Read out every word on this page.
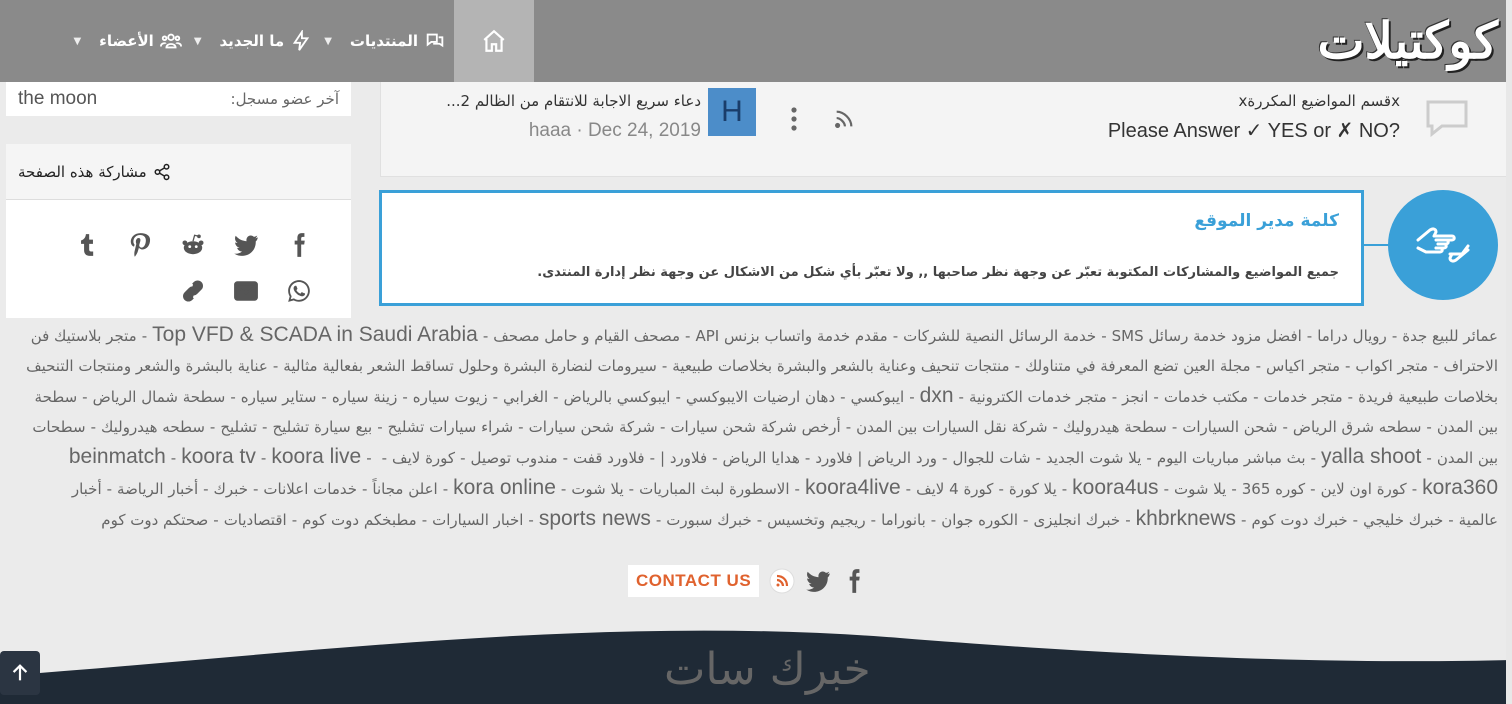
كوكتيلات
المنتديات
▼
ما الجديد
▼
الأعضاء
▼
the moon	آخر عضو مسجل:
مشاركة هذه الصفحة
xقسم المواضيع المكررةx
Please Answer ✓ YES or ✗ NO?
H
دعاء سريع الاجابة للانتقام من الظالم 2...
haaa · Dec 24, 2019
كلمة مدير الموقع
جميع المواضيع والمشاركات المكتوبة تعبّر عن وجهة نظر صاحبها ,, ولا تعبّر بأي شكل من الاشكال عن وجهة نظر إدارة المنتدى.
عمائر للبيع جدة-رويال دراما-افضل مزود خدمة رسائل SMS-خدمة الرسائل النصية للشركات-مقدم خدمة واتساب بزنس API-مصحف القيام و حامل مصحف-Top VFD & SCADA in Saudi Arabia-متجر بلاستيك فن الاحتراف-متجر اكواب-متجر اكياس-مجلة العين تضع المعرفة في متناولك-منتجات تنحيف وعناية بالشعر والبشرة بخلاصات طبيعية-سيرومات لنضارة البشرة وحلول تساقط الشعر بفعالية مثالية-عناية بالبشرة والشعر ومنتجات التنحيف بخلاصات طبيعية فريدة-متجر خدمات-مكتب خدمات-انجز-متجر خدمات الكترونية-dxn-ايبوكسي-دهان ارضيات الايبوكسي-ايبوكسي بالرياض-الغرابي-زيوت سياره-زينة سياره-ستاير سياره-سطحة شمال الرياض-سطحة بين المدن-سطحه شرق الرياض-شحن السيارات-سطحة هيدروليك-شركة نقل السيارات بين المدن-أرخص شركة شحن سيارات-شركة شحن سيارات-شراء سيارات تشليح-بيع سيارة تشليح-تشليح-سطحه هيدروليك-سطحات بين المدن-yalla shoot-بث مباشر مباريات اليوم-يلا شوت الجديد-شات للجوال-ورد الرياض | فلاورد-هدايا الرياض-فلاورد |-فلاورد قفت-مندوب توصيل-كورة لايف-beinmatch - koora tv - koora live -kora360-كورة اون لاين-كوره 365-يلا شوت-koora4us-يلا كورة-كورة 4 لايف-koora4live-الاسطورة لبث المباريات-يلا شوت-kora online-اعلن مجاناً-خدمات اعلانات-خبرك-أخبار الرياضة-أخبار عالمية-خبرك خليجي-خبرك دوت كوم-khbrknews-خبرك انجليزى-الكوره جوان-بانوراما-ريجيم وتخسيس-خبرك سبورت-sports news-اخبار السيارات-مطبخكم دوت كوم-اقتصاديات-صحتكم دوت كوم
CONTACT US
خبرك سات
